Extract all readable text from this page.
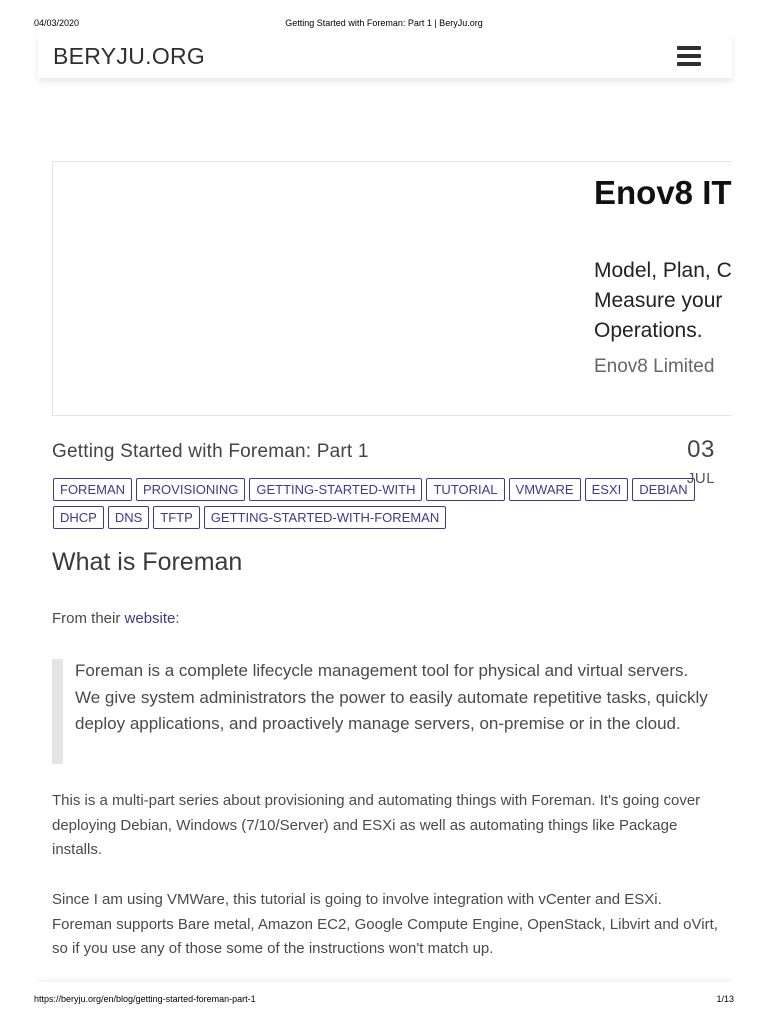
04/03/2020	Getting Started with Foreman: Part 1 | BeryJu.org
BERYJU.ORG
Enov8 IT
Model, Plan, C
Measure your
Operations.
Enov8 Limited
Getting Started with Foreman: Part 1	03
JUL
FOREMAN	PROVISIONING	GETTING-STARTED-WITH	TUTORIAL	VMWARE	ESXI	DEBIAN
DHCP	DNS	TFTP	GETTING-STARTED-WITH-FOREMAN
What is Foreman
From their website:
Foreman is a complete lifecycle management tool for physical and virtual servers. We give system administrators the power to easily automate repetitive tasks, quickly deploy applications, and proactively manage servers, on-premise or in the cloud.

This is a multi-part series about provisioning and automating things with Foreman. It's going cover deploying Debian, Windows (7/10/Server) and ESXi as well as automating things like Package installs.

Since I am using VMWare, this tutorial is going to involve integration with vCenter and ESXi. Foreman supports Bare metal, Amazon EC2, Google Compute Engine, OpenStack, Libvirt and oVirt, so if you use any of those some of the instructions won't match up.

https://beryju.org/en/blog/getting-started-foreman-part-1	1/13
